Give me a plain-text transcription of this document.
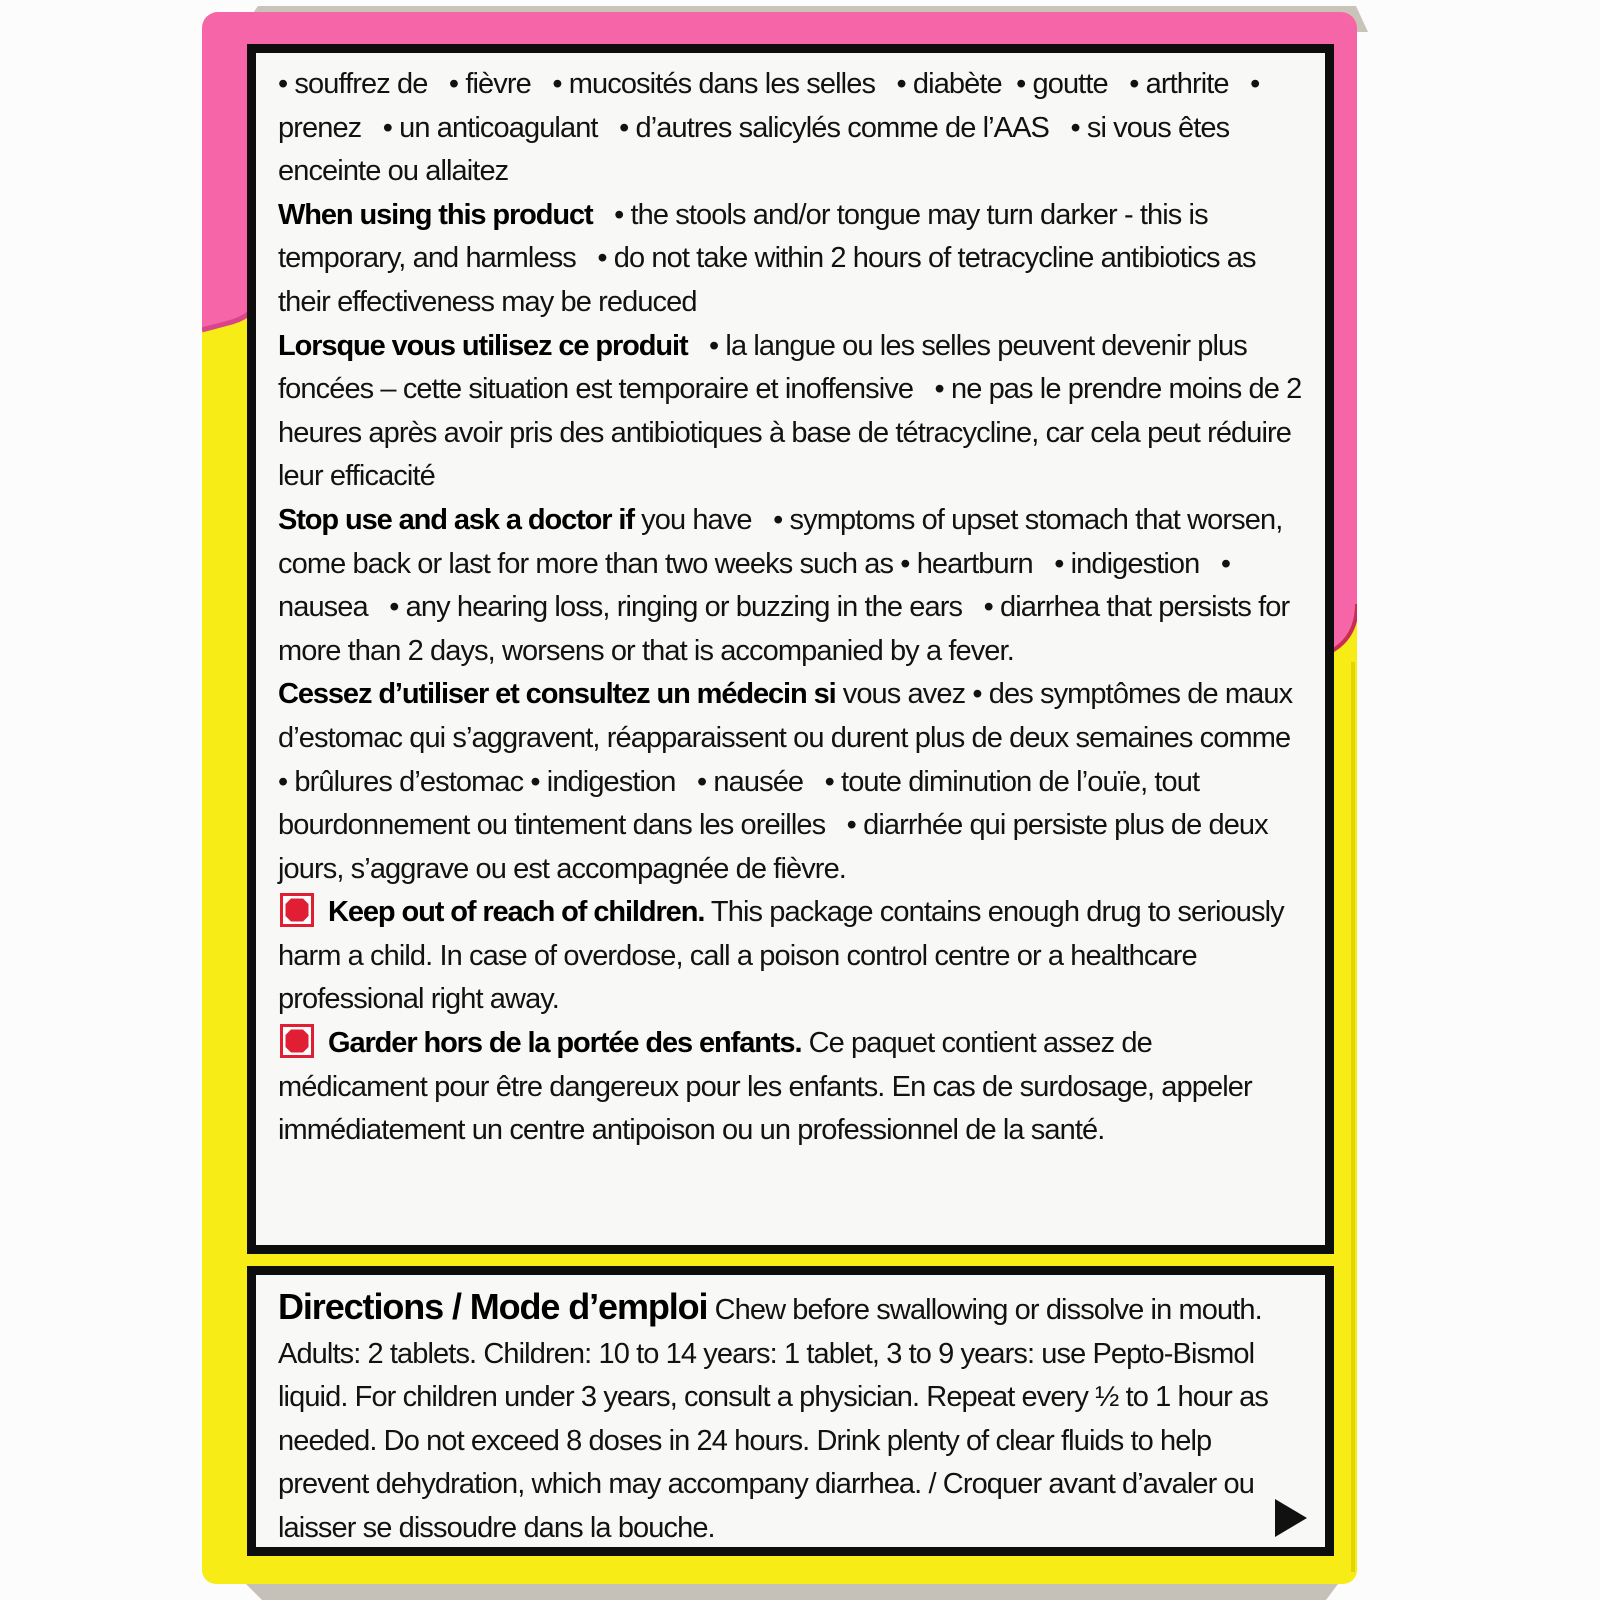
• souffrez de   • fièvre   • mucosités dans les selles   • diabète  • goutte   • arthrite   • prenez   • un anticoagulant   • d’autres salicylés comme de l’AAS   • si vous êtes enceinte ou allaitez

When using this product   • the stools and/or tongue may turn darker - this is temporary, and harmless   • do not take within 2 hours of tetracycline antibiotics as their effectiveness may be reduced

Lorsque vous utilisez ce produit   • la langue ou les selles peuvent devenir plus foncées – cette situation est temporaire et inoffensive   • ne pas le prendre moins de 2 heures après avoir pris des antibiotiques à base de tétracycline, car cela peut réduire leur efficacité

Stop use and ask a doctor if you have   • symptoms of upset stomach that worsen, come back or last for more than two weeks such as • heartburn   • indigestion   • nausea   • any hearing loss, ringing or buzzing in the ears   • diarrhea that persists for more than 2 days, worsens or that is accompanied by a fever.

Cessez d’utiliser et consultez un médecin si vous avez • des symptômes de maux d’estomac qui s’aggravent, réapparaissent ou durent plus de deux semaines comme   • brûlures d’estomac • indigestion   • nausée   • toute diminution de l’ouïe, tout bourdonnement ou tintement dans les oreilles   • diarrhée qui persiste plus de deux jours, s’aggrave ou est accompagnée de fièvre.

Keep out of reach of children. This package contains enough drug to seriously harm a child. In case of overdose, call a poison control centre or a healthcare professional right away.

Garder hors de la portée des enfants. Ce paquet contient assez de médicament pour être dangereux pour les enfants. En cas de surdosage, appeler immédiatement un centre antipoison ou un professionnel de la santé.

Directions / Mode d’emploi Chew before swallowing or dissolve in mouth. Adults: 2 tablets. Children: 10 to 14 years: 1 tablet, 3 to 9 years: use Pepto-Bismol liquid. For children under 3 years, consult a physician. Repeat every ½ to 1 hour as needed. Do not exceed 8 doses in 24 hours. Drink plenty of clear fluids to help prevent dehydration, which may accompany diarrhea. / Croquer avant d’avaler ou laisser se dissoudre dans la bouche.
